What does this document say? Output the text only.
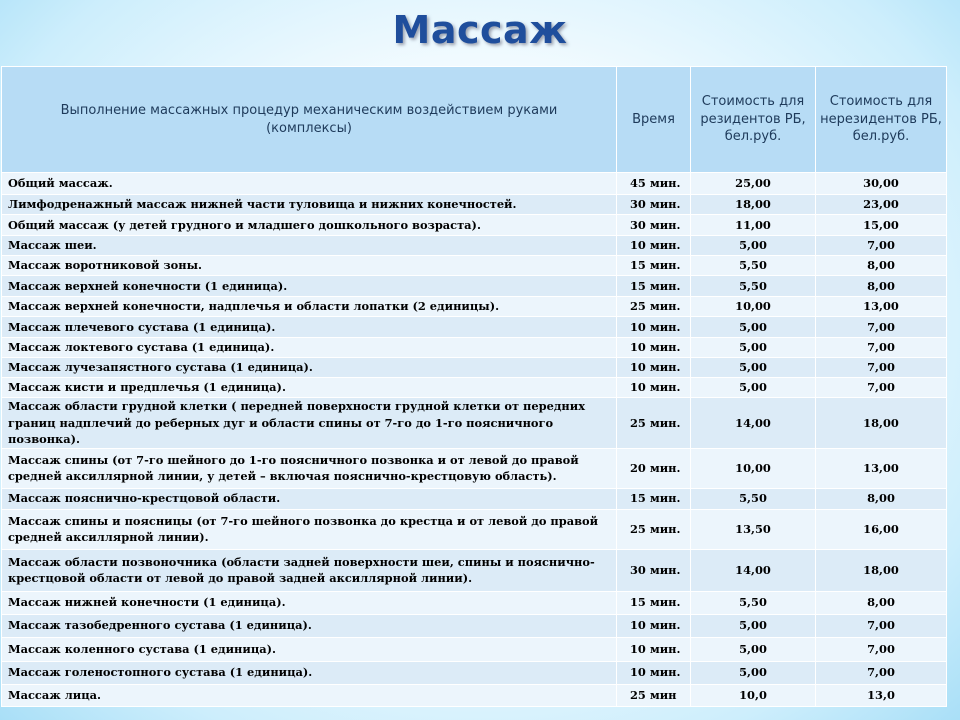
Массаж
Выполнение массажных процедур механическим воздействием руками (комплексы)	Время	Стоимость для резидентов РБ, бел.руб.	Стоимость для нерезидентов РБ, бел.руб.
Общий массаж.	45 мин.	25,00	30,00
Лимфодренажный массаж нижней части туловища и нижних конечностей.	30 мин.	18,00	23,00
Общий массаж (у детей грудного и младшего дошкольного возраста).	30 мин.	11,00	15,00
Массаж шеи.	10 мин.	5,00	7,00
Массаж воротниковой зоны.	15 мин.	5,50	8,00
Массаж верхней конечности (1 единица).	15 мин.	5,50	8,00
Массаж верхней конечности, надплечья и области лопатки (2 единицы).	25 мин.	10,00	13,00
Массаж плечевого сустава (1 единица).	10 мин.	5,00	7,00
Массаж локтевого сустава (1 единица).	10 мин.	5,00	7,00
Массаж лучезапястного сустава (1 единица).	10 мин.	5,00	7,00
Массаж кисти и предплечья (1 единица).	10 мин.	5,00	7,00
Массаж области грудной клетки ( передней поверхности грудной клетки от передних границ надплечий до реберных дуг и области спины от 7-го до 1-го поясничного позвонка).	25 мин.	14,00	18,00
Массаж спины (от 7-го шейного до 1-го поясничного позвонка и от левой до правой средней аксиллярной линии, у детей – включая пояснично-крестцовую область).	20 мин.	10,00	13,00
Массаж пояснично-крестцовой области.	15 мин.	5,50	8,00
Массаж спины и поясницы (от 7-го шейного позвонка до крестца и от левой до правой средней аксиллярной линии).	25 мин.	13,50	16,00
Массаж области позвоночника (области задней поверхности шеи, спины и пояснично-крестцовой области от левой до правой задней аксиллярной линии).	30 мин.	14,00	18,00
Массаж нижней конечности (1 единица).	15 мин.	5,50	8,00
Массаж тазобедренного сустава (1 единица).	10 мин.	5,00	7,00
Массаж коленного сустава (1 единица).	10 мин.	5,00	7,00
Массаж голеностопного сустава (1 единица).	10 мин.	5,00	7,00
Массаж лица.	25 мин	10,0	13,0
